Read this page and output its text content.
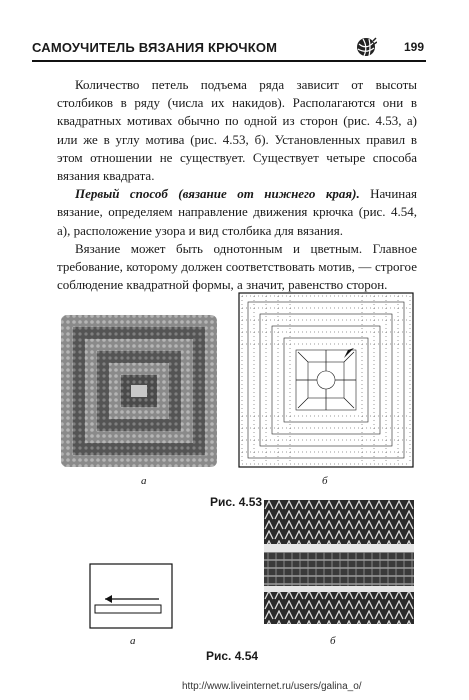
САМОУЧИТЕЛЬ ВЯЗАНИЯ КРЮЧКОМ	199

Количество петель подъема ряда зависит от высоты столбиков в ряду (числа их накидов). Располагаются они в квадратных мотивах обычно по одной из сторон (рис. 4.53, а) или же в углу мотива (рис. 4.53, б). Установленных правил в этом отношении не существует. Существует четыре способа вязания квадрата.

Первый способ (вязание от нижнего края). Начиная вязание, определяем направление движения крючка (рис. 4.54, а), расположение узора и вид столбика для вязания.

Вязание может быть однотонным и цветным. Главное требование, которому должен соответствовать мотив, — строгое соблюдение квадратной формы, а значит, равенство сторон.

а	б
Рис. 4.53
а	б
Рис. 4.54
http://www.liveinternet.ru/users/galina_o/
